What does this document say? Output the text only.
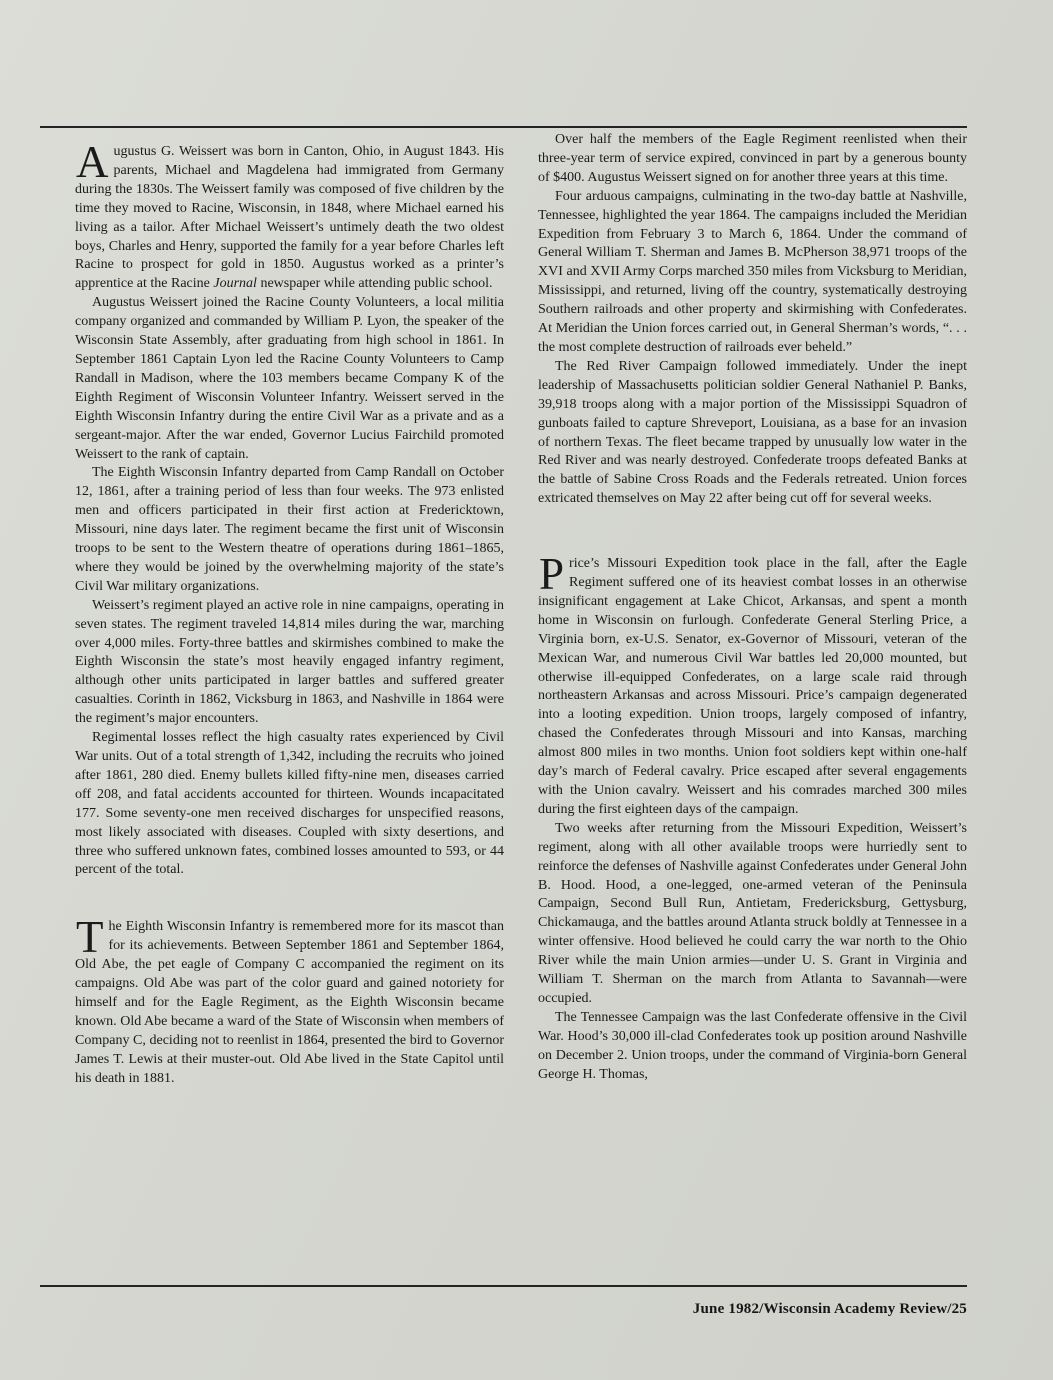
Augustus G. Weissert was born in Canton, Ohio, in August 1843. His parents, Michael and Magdelena had immigrated from Germany during the 1830s. The Weissert family was composed of five children by the time they moved to Racine, Wisconsin, in 1848, where Michael earned his living as a tailor. After Michael Weissert’s untimely death the two oldest boys, Charles and Henry, supported the family for a year before Charles left Racine to prospect for gold in 1850. Augustus worked as a printer’s apprentice at the Racine Journal newspaper while attending public school.

Augustus Weissert joined the Racine County Volunteers, a local militia company organized and commanded by William P. Lyon, the speaker of the Wisconsin State Assembly, after graduating from high school in 1861. In September 1861 Captain Lyon led the Racine County Volunteers to Camp Randall in Madison, where the 103 members became Company K of the Eighth Regiment of Wisconsin Volunteer Infantry. Weissert served in the Eighth Wisconsin Infantry during the entire Civil War as a private and as a sergeant-major. After the war ended, Governor Lucius Fairchild promoted Weissert to the rank of captain.

The Eighth Wisconsin Infantry departed from Camp Randall on October 12, 1861, after a training period of less than four weeks. The 973 enlisted men and officers participated in their first action at Fredericktown, Missouri, nine days later. The regiment became the first unit of Wisconsin troops to be sent to the Western theatre of operations during 1861–1865, where they would be joined by the overwhelming majority of the state’s Civil War military organizations.

Weissert’s regiment played an active role in nine campaigns, operating in seven states. The regiment traveled 14,814 miles during the war, marching over 4,000 miles. Forty-three battles and skirmishes combined to make the Eighth Wisconsin the state’s most heavily engaged infantry regiment, although other units participated in larger battles and suffered greater casualties. Corinth in 1862, Vicksburg in 1863, and Nashville in 1864 were the regiment’s major encounters.

Regimental losses reflect the high casualty rates experienced by Civil War units. Out of a total strength of 1,342, including the recruits who joined after 1861, 280 died. Enemy bullets killed fifty-nine men, diseases carried off 208, and fatal accidents accounted for thirteen. Wounds incapacitated 177. Some seventy-one men received discharges for unspecified reasons, most likely associated with diseases. Coupled with sixty desertions, and three who suffered unknown fates, combined losses amounted to 593, or 44 percent of the total.

The Eighth Wisconsin Infantry is remembered more for its mascot than for its achievements. Between September 1861 and September 1864, Old Abe, the pet eagle of Company C accompanied the regiment on its campaigns. Old Abe was part of the color guard and gained notoriety for himself and for the Eagle Regiment, as the Eighth Wisconsin became known. Old Abe became a ward of the State of Wisconsin when members of Company C, deciding not to reenlist in 1864, presented the bird to Governor James T. Lewis at their muster-out. Old Abe lived in the State Capitol until his death in 1881.

Over half the members of the Eagle Regiment reenlisted when their three-year term of service expired, convinced in part by a generous bounty of $400. Augustus Weissert signed on for another three years at this time.

Four arduous campaigns, culminating in the two-day battle at Nashville, Tennessee, highlighted the year 1864. The campaigns included the Meridian Expedition from February 3 to March 6, 1864. Under the command of General William T. Sherman and James B. McPherson 38,971 troops of the XVI and XVII Army Corps marched 350 miles from Vicksburg to Meridian, Mississippi, and returned, living off the country, systematically destroying Southern railroads and other property and skirmishing with Confederates. At Meridian the Union forces carried out, in General Sherman’s words, “. . . the most complete destruction of railroads ever beheld.”

The Red River Campaign followed immediately. Under the inept leadership of Massachusetts politician soldier General Nathaniel P. Banks, 39,918 troops along with a major portion of the Mississippi Squadron of gunboats failed to capture Shreveport, Louisiana, as a base for an invasion of northern Texas. The fleet became trapped by unusually low water in the Red River and was nearly destroyed. Confederate troops defeated Banks at the battle of Sabine Cross Roads and the Federals retreated. Union forces extricated themselves on May 22 after being cut off for several weeks.

Price’s Missouri Expedition took place in the fall, after the Eagle Regiment suffered one of its heaviest combat losses in an otherwise insignificant engagement at Lake Chicot, Arkansas, and spent a month home in Wisconsin on furlough. Confederate General Sterling Price, a Virginia born, ex-U.S. Senator, ex-Governor of Missouri, veteran of the Mexican War, and numerous Civil War battles led 20,000 mounted, but otherwise ill-equipped Confederates, on a large scale raid through northeastern Arkansas and across Missouri. Price’s campaign degenerated into a looting expedition. Union troops, largely composed of infantry, chased the Confederates through Missouri and into Kansas, marching almost 800 miles in two months. Union foot soldiers kept within one-half day’s march of Federal cavalry. Price escaped after several engagements with the Union cavalry. Weissert and his comrades marched 300 miles during the first eighteen days of the campaign.

Two weeks after returning from the Missouri Expedition, Weissert’s regiment, along with all other available troops were hurriedly sent to reinforce the defenses of Nashville against Confederates under General John B. Hood. Hood, a one-legged, one-armed veteran of the Peninsula Campaign, Second Bull Run, Antietam, Fredericksburg, Gettysburg, Chickamauga, and the battles around Atlanta struck boldly at Tennessee in a winter offensive. Hood believed he could carry the war north to the Ohio River while the main Union armies—under U. S. Grant in Virginia and William T. Sherman on the march from Atlanta to Savannah—were occupied.

The Tennessee Campaign was the last Confederate offensive in the Civil War. Hood’s 30,000 ill-clad Confederates took up position around Nashville on December 2. Union troops, under the command of Virginia-born General George H. Thomas,

June 1982/Wisconsin Academy Review/25
